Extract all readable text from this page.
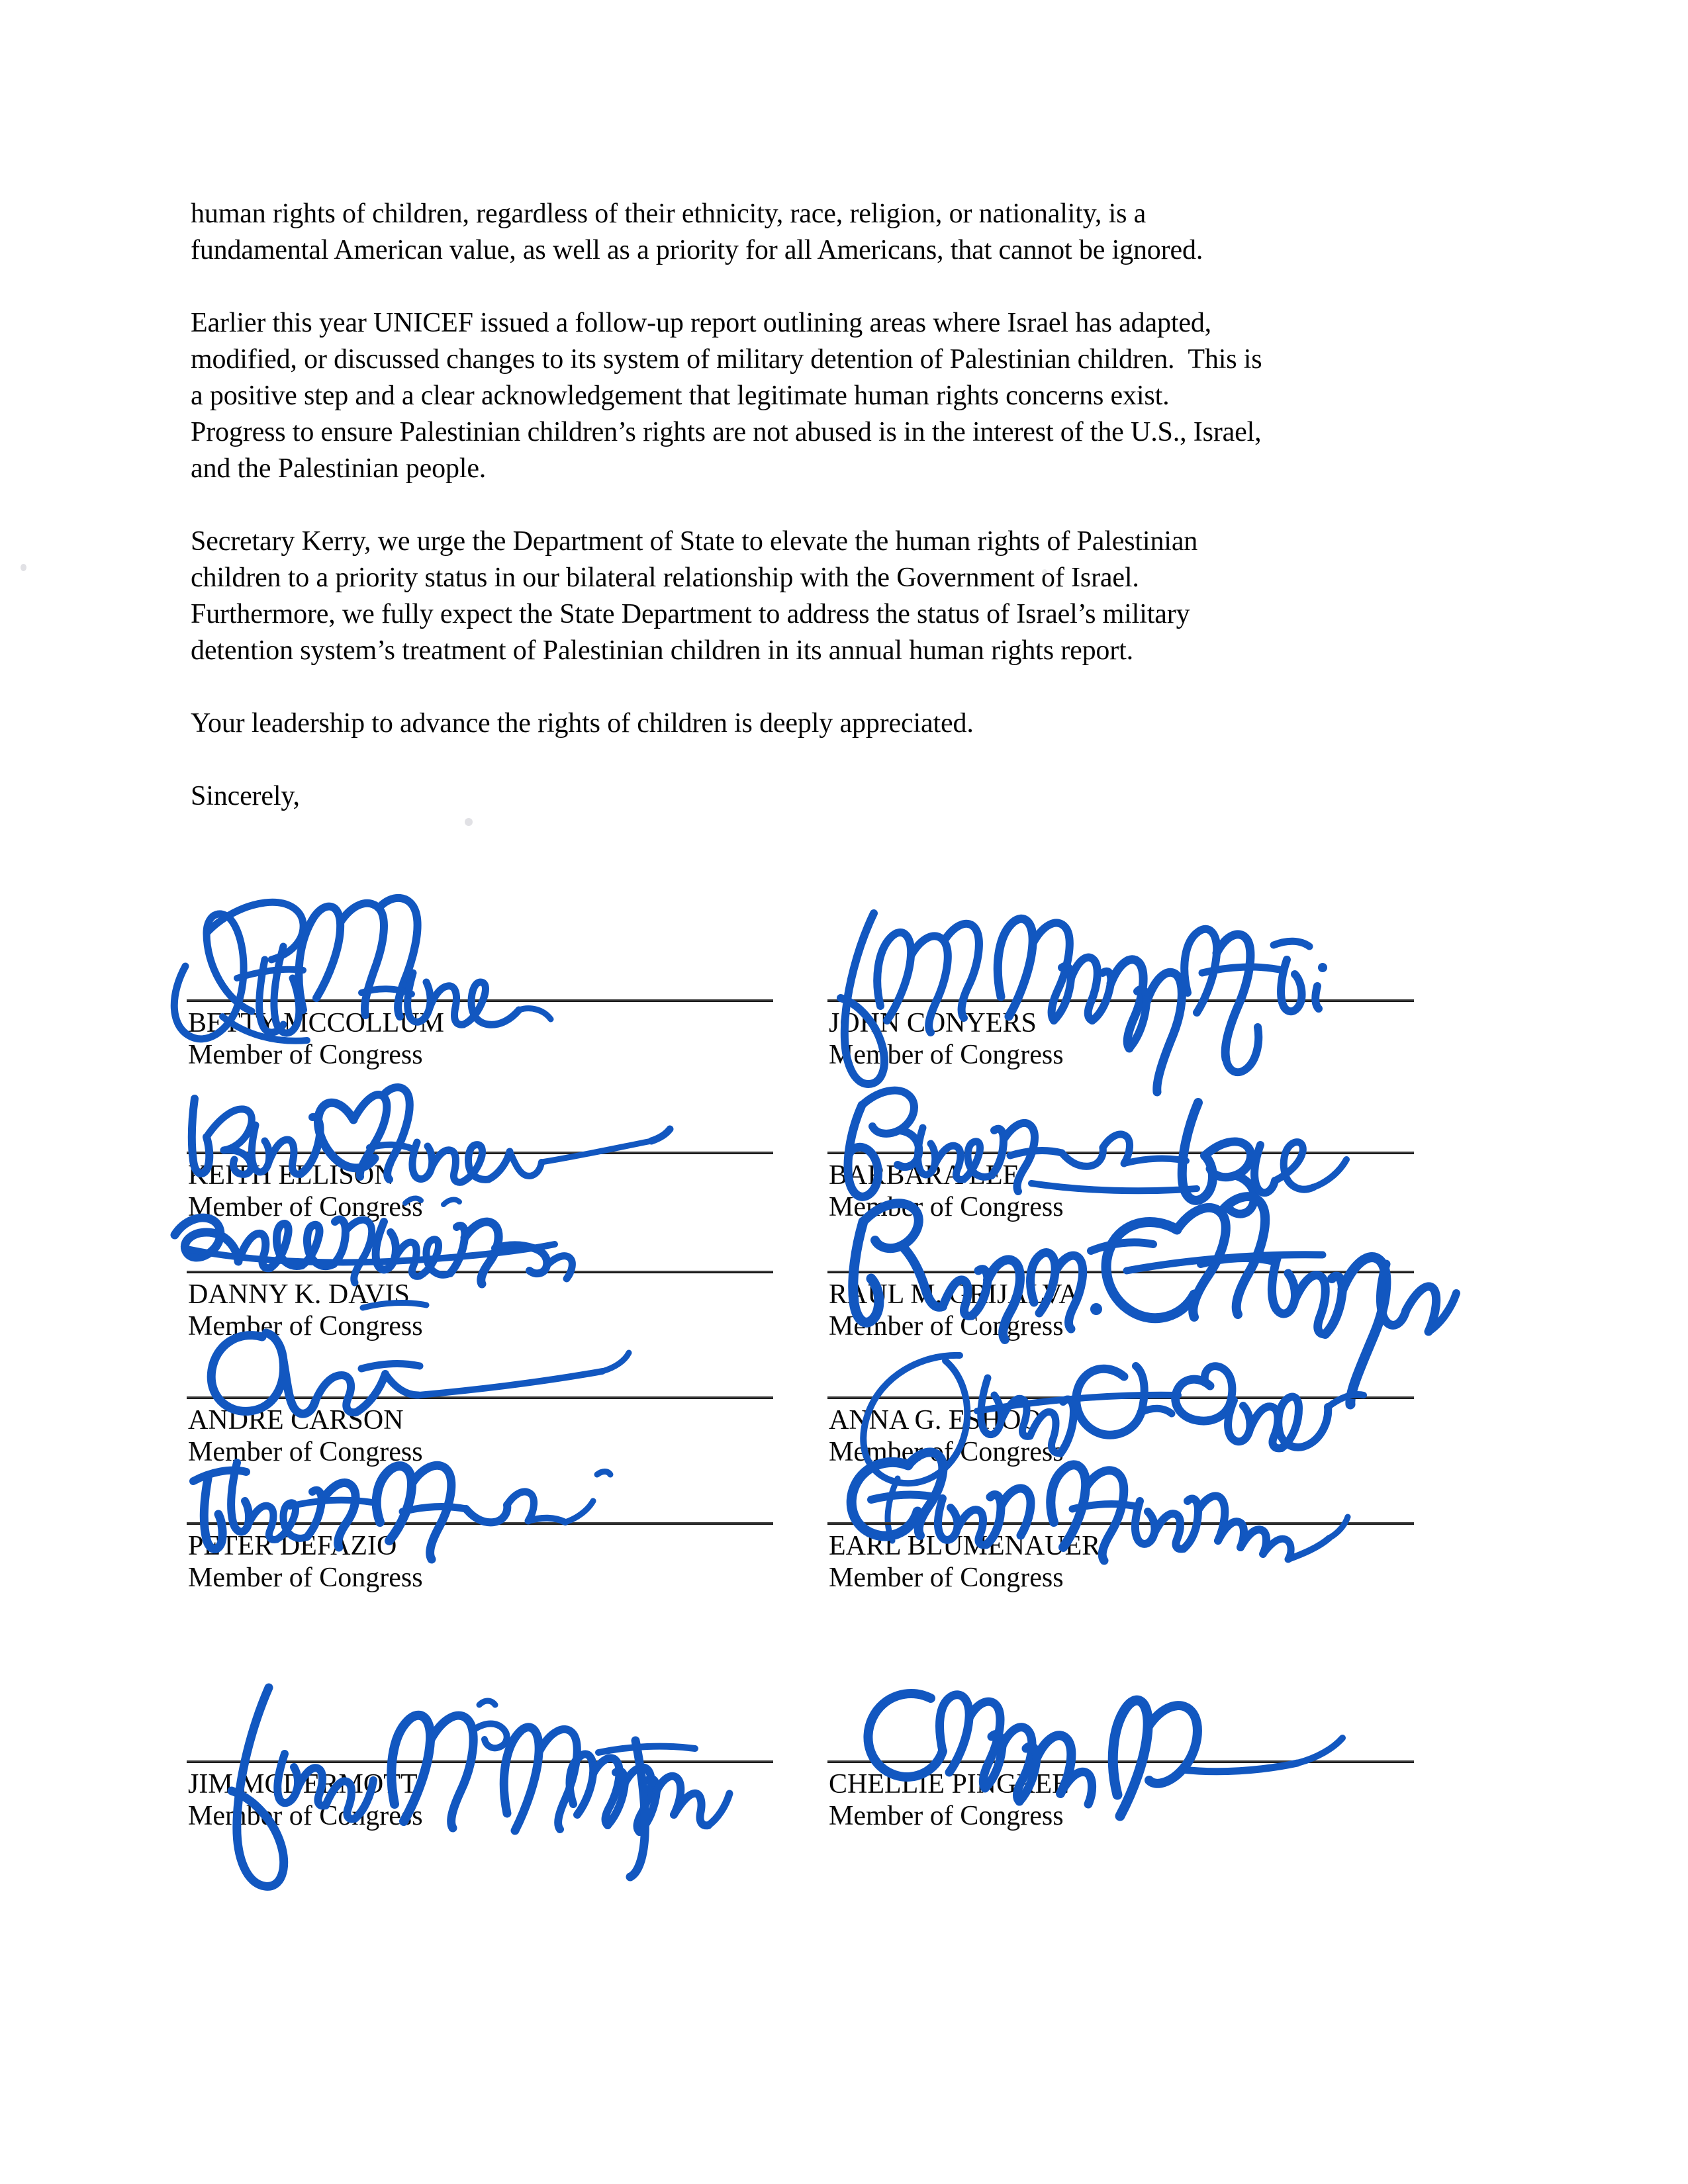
human rights of children, regardless of their ethnicity, race, religion, or nationality, is a
fundamental American value, as well as a priority for all Americans, that cannot be ignored.

Earlier this year UNICEF issued a follow-up report outlining areas where Israel has adapted,
modified, or discussed changes to its system of military detention of Palestinian children.  This is
a positive step and a clear acknowledgement that legitimate human rights concerns exist.
Progress to ensure Palestinian children’s rights are not abused is in the interest of the U.S., Israel,
and the Palestinian people.

Secretary Kerry, we urge the Department of State to elevate the human rights of Palestinian
children to a priority status in our bilateral relationship with the Government of Israel.
Furthermore, we fully expect the State Department to address the status of Israel’s military
detention system’s treatment of Palestinian children in its annual human rights report.

Your leadership to advance the rights of children is deeply appreciated.

Sincerely,

BETTY MCCOLLUM
Member of Congress
KEITH ELLISON
Member of Congress
DANNY K. DAVIS
Member of Congress
ANDRE CARSON
Member of Congress
PETER DEFAZIO
Member of Congress
JIM MCDERMOTT
Member of Congress
JOHN CONYERS
Member of Congress
BARBARA LEE
Member of Congress
RAUL M. GRIJALVA
Member of Congress
ANNA G. ESHOO
Member of Congress
EARL BLUMENAUER
Member of Congress
CHELLIE PINGREE
Member of Congress
